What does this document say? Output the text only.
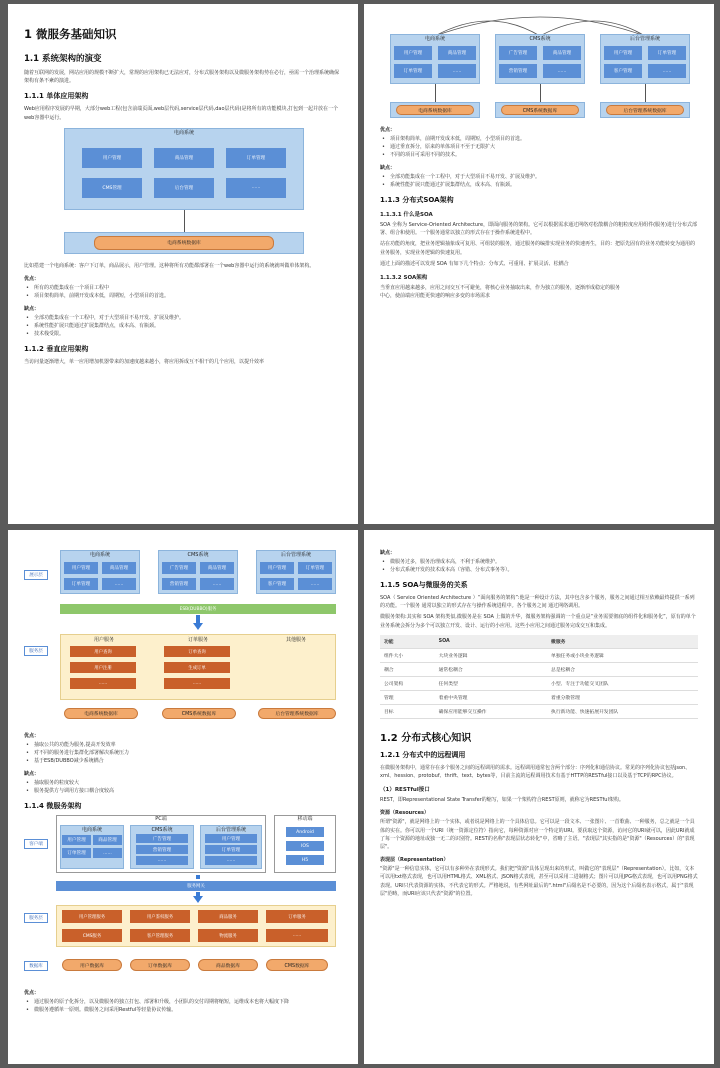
1 微服务基础知识
1.1 系统架构的演变

随着互联网的发展，网站应用的规模不断扩大，常规的应用架构已无法应对，分布式服务架构以及微服务架构势在必行，亟需一个治理系统确保架构有条不紊的演进。

1.1.1 单体应用架构

Web应用程序发展的早期，大部分web工程(包含前端页面,web层代码,service层代码,dao层代码)是将所有的功能模块,打包到一起并放在一个web容器中运行。

电商系统
用户管理	商品管理	订单管理
CMS管理	后台管理	......
电商系统数据库

比如搭建一个电商系统：客户下订单，商品展示，用户管理。这种将所有功能都部署在一个web容器中运行的系统就叫做单体架构。

优点：
• 所有的功能集成在一个项目工程中
• 项目架构简单，前期开发成本低，周期短，小型项目的首选。
缺点：
• 全部功能集成在一个工程中，对于大型项目不易开发、扩展及维护。
• 系统性能扩展只能通过扩展集群结点，成本高、有瓶颈。
• 技术栈受限。
1.1.2 垂直应用架构

当访问量逐渐增大，单一应用增加机器带来的加速度越来越小，将应用拆成互不相干的几个应用，以提升效率

电商系统
用户管理	商品管理
订单管理	......
CMS系统
广告管理	商品管理
营销管理	......
后台管理系统
用户管理	订单管理
客户管理	......
电商系统数据库	CMS系统数据库	后台管理系统数据库
优点：
• 项目架构简单，前期开发成本低，周期短，小型项目的首选。
• 通过垂直拆分，原来的单体项目不至于无限扩大
• 不同的项目可采用不同的技术。
缺点：
• 全部功能集成在一个工程中，对于大型项目不易开发、扩展及维护。
• 系统性能扩展只能通过扩展集群结点，成本高、有瓶颈。
1.1.3 分布式SOA架构
1.1.3.1 什么是SOA

SOA 全称为 Service-Oriented Architecture，即面向服务的架构。它可以根据需求通过网络对松散耦合的粗粒度应用组件(服务)进行分布式部署、组合和使用。一个服务通常以独立的形式存在于操作系统进程中。

站在功能的角度，把业务逻辑抽象成可复用、可组装的服务，通过服务的编排实现业务的快速再生，目的：把原先固有的业务功能转变为通用的业务服务，实现业务逻辑的快速复用。

通过上面的描述可以发现 SOA 有如下几个特点：分布式、可重用、扩展灵活、松耦合

1.1.3.2 SOA架构

当垂直应用越来越多，应用之间交互不可避免，将核心业务抽取出来，作为独立的服务，逐渐形成稳定的服务

中心，使前端应用能更快速的响应多变的市场需求

展示层
服务层
电商系统
用户管理	商品管理
订单管理	......
CMS系统
广告管理	商品管理
营销管理	......
后台管理系统
用户管理	订单管理
客户管理	......
ESB(DUBBO)服务
用户服务
用户查询
用户注册
......
订单服务
订单查询
生成订单
......
其他服务
电商系统数据库	CMS系统数据库	后台管理系统数据库
优点：
• 抽取公共的功能为服务,提高开发效率
• 对不同的服务进行集群化部署解决系统压力
• 基于ESB/DUBBO减少系统耦合
缺点：
• 抽取服务的粒度较大
• 服务提供方与调用方接口耦合度较高
1.1.4 微服务架构
客户端
服务层
数据库
PC端
电商系统
用户管理	商品管理
订单管理	......
CMS系统
广告管理
营销管理
......
后台管理系统
用户管理
订单管理
......
移动端
Android
IOS
H5
服务网关
用户管理服务	用户鉴权服务	商品服务	订单服务
CMS服务	客户管理服务	物流服务	......
用户数据库	订单数据库	商品数据库	CMS数据库
优点：
• 通过服务的原子化拆分，以及微服务的独立打包、部署和升级，小团队的交付周期将缩短，运维成本也将大幅度下降
• 微服务遵循单一原则。微服务之间采用Restful等轻量协议传输。
缺点：
• 微服务过多，服务治理成本高，不利于系统维护。
• 分布式系统开发的技术成本高（容错、分布式事务等）。
1.1.5 SOA与微服务的关系

SOA（ Service Oriented Architecture ）“面向服务的架构”:他是一种设计方法，其中包含多个服务，服务之间通过相互依赖最终提供一系列的功能。一个服务 通常以独立的形式存在与操作系统进程中。各个服务之间 通过网络调用。

微服务架构:其实和 SOA 架构类似,微服务是在 SOA 上做的升华，微服务架构强调的一个重点是“业务需要彻底的组件化和服务化”，原有的单个业务系统会拆分为多个可以独立开发、设计、运行的小应用。这些小应用之间通过服务完成交互和集成。

功能	SOA	微服务
组件大小	大块业务逻辑	单独任务或小块业务逻辑
耦合	通常松耦合	总是松耦合
公司架构	任何类型	小型、专注于功能交叉团队
管理	着重中央管理	着重分散管理
目标	确保应用能够交互操作	执行新功能、快速拓展开发团队
1.2 分布式核心知识
1.2.1 分布式中的远程调用

在微服务架构中，通常存在多个服务之间的远程调用的需求。远程调用通常包含两个部分：序列化和通信协议。常见的序列化协议包括json、xml、hession、protobuf、thrift、text、bytes等，目前主流的远程调用技术有基于HTTP的RESTful接口以及基于TCP的RPC协议。

（1）RESTful接口

REST，即Representational State Transfer的缩写，如果一个架构符合REST原则，就称它为RESTful架构。

资源（Resources）

所谓"资源"，就是网络上的一个实体，或者说是网络上的一个具体信息。它可以是一段文本、一张图片、一首歌曲、一种服务，总之就是一个具体的实在。你可以用一个URI（统一资源定位符）指向它，每种资源对应一个特定的URI。要获取这个资源，访问它的URI就可以，因此URI就成了每一个资源的地址或独一无二的识别符。REST的名称"表现层状态转化"中，省略了主语。"表现层"其实指的是"资源"（Resources）的"表现层"。

表现层（Representation）

"资源"是一种信息实体，它可以有多种外在表现形式。我们把"资源"具体呈现出来的形式，叫做它的"表现层"（Representation）。比如，文本可以用txt格式表现，也可以用HTML格式、XML格式、JSON格式表现，甚至可以采用二进制格式；图片可以用JPG格式表现，也可以用PNG格式表现。URI只代表资源的实体，不代表它的形式。严格地说，有些网址最后的".html"后缀名是不必要的，因为这个后缀名表示格式，属于"表现层"范畴，而URI应该只代表"资源"的位置。
